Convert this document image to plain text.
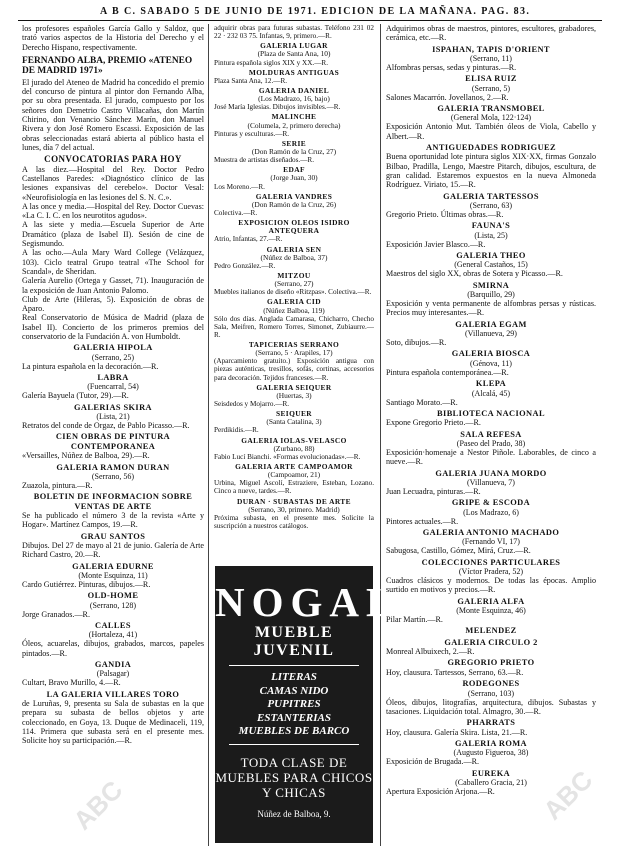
A B C. SABADO 5 DE JUNIO DE 1971. EDICION DE LA MAÑANA. PAG. 83.

los profesores españoles García Gallo y Saldoz, que trató varios aspectos de la Historia del Derecho y el Derecho Hispano, respectivamente.

FERNANDO ALBA, PREMIO «ATENEO DE MADRID 1971»

El jurado del Ateneo de Madrid ha concedido el premio del concurso de pintura al pintor don Fernando Alba, por su obra presentada. El jurado, compuesto por los señores don Demetrio Castro Villacañas, don Martín Chirino, don Venancio Sánchez Marín, don Manuel Rivera y don José Romero Escassi. Exposición de las obras seleccionadas estará abierta al público hasta el lunes, día 7 del actual.

CONVOCATORIAS PARA HOY

A las diez.—Hospital del Rey. Doctor Pedro Castellanos Paredes: «Diagnóstico clínico de las lesiones expansivas del cerebelo». Doctor Vesal: «Neurofisiología en las lesiones del S. N. C.».

A las once y media.—Hospital del Rey. Doctor Cuevas: «La C. I. C. en los neurotitos agudos».

A las siete y media.—Escuela Superior de Arte Dramático (plaza de Isabel II). Sesión de cine de Segismundo.

A las ocho.—Aula Mary Ward College (Velázquez, 103). Ciclo teatral Grupo teatral «The School for Scandal», de Sheridan.

Galería Aurelio (Ortega y Gasset, 71). Inauguración de la exposición de Juan Antonio Palomo.

Club de Arte (Hileras, 5). Exposición de obras de Aparo.

Real Conservatorio de Música de Madrid (plaza de Isabel II). Concierto de los primeros premios del conservatorio de la Fundación A. von Humboldt.

GALERIA HIPOLA

(Serrano, 25)

La pintura española en la decoración.—R.

LABRA

(Fuencarral, 54)

Galería Bayuela (Tutor, 29).—R.

GALERIAS SKIRA

(Lista, 21)

Retratos del conde de Orgaz, de Pablo Picasso.—R.

CIEN OBRAS DE PINTURA CONTEMPORANEA

«Versailles, Núñez de Balboa, 29).—R.

GALERIA RAMON DURAN

(Serrano, 56)

Zuazola, pintura.—R.

BOLETIN DE INFORMACION SOBRE VENTAS DE ARTE

Se ha publicado el número 3 de la revista «Arte y Hogar». Martínez Campos, 19.—R.

GRAU SANTOS

Dibujos. Del 27 de mayo al 21 de junio. Galería de Arte Richard Castro, 20.—R.

GALERIA EDURNE

(Monte Esquinza, 11)

Cardo Gutiérrez. Pinturas, dibujos.—R.

OLD-HOME

(Serrano, 128)

Jorge Granados.—R.

CALLES

(Hortaleza, 41)

Óleos, acuarelas, dibujos, grabados, marcos, papeles pintados.—R.

GANDIA

(Palsagar)

Cultart, Bravo Murillo, 4.—R.

LA GALERIA VILLARES TORO

de Luruñas, 9, presenta su Sala de subastas en la que prepara su subasta de bellos objetos y arte coleccionado, en Goya, 13. Duque de Medinaceli, 119, 114. Primera que subasta será en el presente mes. Solicite hoy su participación.—R.

adquirir obras para futuras subastas. Teléfono 231 02 22 · 232 03 75. Infantas, 9, primero.—R.

GALERIA LUGAR

(Plaza de Santa Ana, 10)

Pintura española siglos XIX y XX.—R.

MOLDURAS ANTIGUAS

Plaza Santa Ana, 12.—R.

GALERIA DANIEL

(Los Madrazo, 16, bajo)

José María Iglesias. Dibujos invisibles.—R.

MALINCHE

(Columela, 2, primero derecha)

Pinturas y esculturas.—R.

SERIE

(Don Ramón de la Cruz, 27)

Muestra de artistas diseñados.—R.

EDAF

(Jorge Juan, 30)

Los Moreno.—R.

GALERIA VANDRES

(Don Ramón de la Cruz, 26)

Colectiva.—R.

EXPOSICION OLEOS ISIDRO ANTEQUERA

Atrio, Infantas, 27.—R.

GALERIA SEN

(Núñez de Balboa, 37)

Pedro González.—R.

MITZOU

(Serrano, 27)

Muebles italianos de diseño «Ritzpas». Colectiva.—R.

GALERIA CID

(Núñez Balboa, 119)

Sólo dos días. Anglada Camarasa, Chicharro, Checho Sala, Meifren, Romero Torres, Simonet, Zubiaurre.—R.

TAPICERIAS SERRANO

(Serrano, 5 · Arapiles, 17)

(Aparcamiento gratuito.) Exposición antigua con piezas auténticas, tresillos, sofás, cortinas, accesorios para decoración. Tejidos franceses.—R.

GALERIA SEIQUER

(Huertas, 3)

Seisdedos y Mojarro.—R.

SEIQUER

(Santa Catalina, 3)

Perdikidis.—R.

GALERIA IOLAS-VELASCO

(Zurbano, 88)

Fabio Lucí Bianchi. «Formas evolucionadas».—R.

GALERIA ARTE CAMPOAMOR

(Campoamor, 21)

Urbina, Miguel Ascolí, Estraziere, Esteban, Lozano. Cinco a nueve, tardes.—R.

DURAN · SUBASTAS DE ARTE

(Serrano, 30, primero. Madrid)

Próxima subasta, en el presente mes. Solicite la suscripción a nuestros catálogos.

NOGAL
MUEBLE JUVENIL
LITERAS
CAMAS NIDO
PUPITRES
ESTANTERIAS
MUEBLES DE BARCO
TODA CLASE DE MUEBLES PARA CHICOS Y CHICAS
Núñez de Balboa, 9.

Adquirimos obras de maestros, pintores, escultores, grabadores, cerámica, etc.—R.

ISPAHAN, TAPIS D'ORIENT

(Serrano, 11)

Alfombras persas, sedas y pinturas.—R.

ELISA RUIZ

(Serrano, 5)

Salones Macarrón. Jovellanos, 2.—R.

GALERIA TRANSMOBEL

(General Mola, 122·124)

Exposición Antonio Mut. También óleos de Viola, Cabello y Albert.—R.

ANTIGUEDADES RODRIGUEZ

Buena oportunidad lote pintura siglos XIX·XX, firmas Gonzalo Bilbao, Pradilla, Lengo, Maestre Pitarch, dibujos, escultura, de gran calidad. Estaremos expuestos en la nueva Almoneda Rodríguez. Viriato, 15.—R.

GALERIA TARTESSOS

(Serrano, 63)

Gregorio Prieto. Últimas obras.—R.

FAUNA'S

(Lista, 25)

Exposición Javier Blasco.—R.

GALERIA THEO

(General Castaños, 15)

Maestros del siglo XX, obras de Sotera y Picasso.—R.

SMIRNA

(Barquillo, 29)

Exposición y venta permanente de alfombras persas y rústicas. Precios muy interesantes.—R.

GALERIA EGAM

(Villanueva, 29)

Soto, dibujos.—R.

GALERIA BIOSCA

(Génova, 11)

Pintura española contemporánea.—R.

KLEPA

(Alcalá, 45)

Santiago Morato.—R.

BIBLIOTECA NACIONAL

Expone Gregorio Prieto.—R.

SALA REFESA

(Paseo del Prado, 38)

Exposición·homenaje a Nestor Piñole. Laborables, de cinco a nueve.—R.

GALERIA JUANA MORDO

(Villanueva, 7)

Juan Lecuadra, pinturas.—R.

GRIPE & ESCODA

(Los Madrazo, 6)

Pintores actuales.—R.

GALERIA ANTONIO MACHADO

(Fernando VI, 17)

Sabugosa, Castillo, Gómez, Mirá, Cruz.—R.

COLECCIONES PARTICULARES

(Víctor Pradera, 52)

Cuadros clásicos y modernos. De todas las épocas. Amplio surtido en motivos y precios.—R.

GALERIA ALFA

(Monte Esquinza, 46)

Pilar Martín.—R.

MELENDEZ

GALERIA CIRCULO 2

Monreal Albuixech, 2.—R.

GREGORIO PRIETO

Hoy, clausura. Tartessos, Serrano, 63.—R.

RODEGONES

(Serrano, 103)

Óleos, dibujos, litografías, arquitectura, dibujos. Subastas y tasaciones. Liquidación total. Almagro, 30.—R.

PHARRATS

Hoy, clausura. Galería Skira. Lista, 21.—R.

GALERIA ROMA

(Augusto Figueroa, 38)

Exposición de Brugada.—R.

EUREKA

(Caballero Gracia, 21)

Apertura Exposición Arjona.—R.

ABC	ABC
